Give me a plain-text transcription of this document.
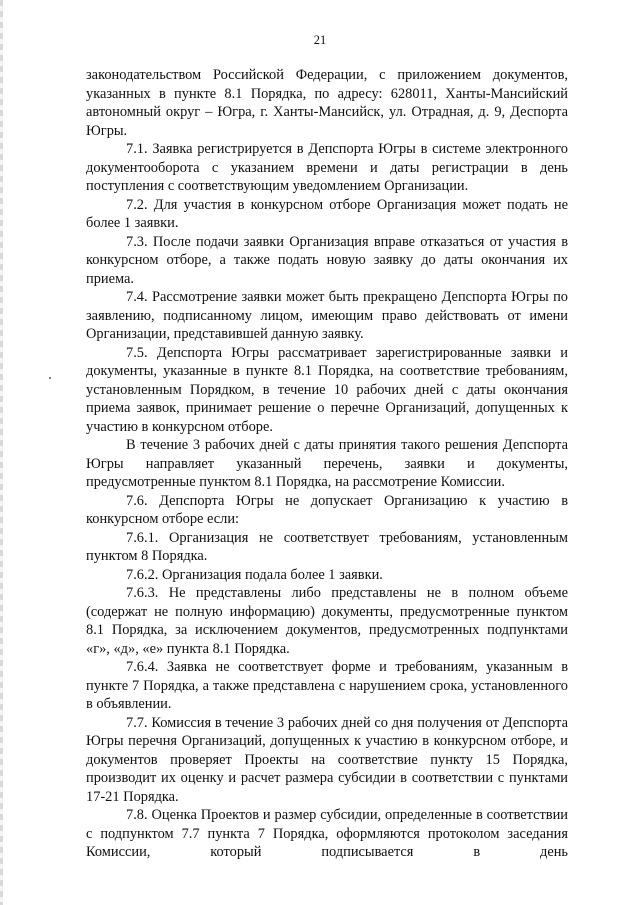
21

законодательством Российской Федерации, с приложением документов, указанных в пункте 8.1 Порядка, по адресу: 628011, Ханты-Мансийский автономный округ – Югра, г. Ханты-Мансийск, ул. Отрадная, д. 9, Деспорта Югры.

7.1. Заявка регистрируется в Депспорта Югры в системе электронного документооборота с указанием времени и даты регистрации в день поступления с соответствующим уведомлением Организации.

7.2. Для участия в конкурсном отборе Организация может подать не более 1 заявки.

7.3. После подачи заявки Организация вправе отказаться от участия в конкурсном отборе, а также подать новую заявку до даты окончания их приема.

7.4. Рассмотрение заявки может быть прекращено Депспорта Югры по заявлению, подписанному лицом, имеющим право действовать от имени Организации, представившей данную заявку.

7.5. Депспорта Югры рассматривает зарегистрированные заявки и документы, указанные в пункте 8.1 Порядка, на соответствие требованиям, установленным Порядком, в течение 10 рабочих дней с даты окончания приема заявок, принимает решение о перечне Организаций, допущенных к участию в конкурсном отборе.

В течение 3 рабочих дней с даты принятия такого решения Депспорта Югры направляет указанный перечень, заявки и документы, предусмотренные пунктом 8.1 Порядка, на рассмотрение Комиссии.

7.6. Депспорта Югры не допускает Организацию к участию в конкурсном отборе если:

7.6.1. Организация не соответствует требованиям, установленным пунктом 8 Порядка.

7.6.2. Организация подала более 1 заявки.

7.6.3. Не представлены либо представлены не в полном объеме (содержат не полную информацию) документы, предусмотренные пунктом 8.1 Порядка, за исключением документов, предусмотренных подпунктами «г», «д», «е» пункта 8.1 Порядка.

7.6.4. Заявка не соответствует форме и требованиям, указанным в пункте 7 Порядка, а также представлена с нарушением срока, установленного в объявлении.

7.7. Комиссия в течение 3 рабочих дней со дня получения от Депспорта Югры перечня Организаций, допущенных к участию в конкурсном отборе, и документов проверяет Проекты на соответствие пункту 15 Порядка, производит их оценку и расчет размера субсидии в соответствии с пунктами 17-21 Порядка.

7.8. Оценка Проектов и размер субсидии, определенные в соответствии с подпунктом 7.7 пункта 7 Порядка, оформляются протоколом заседания Комиссии, который подписывается в день
